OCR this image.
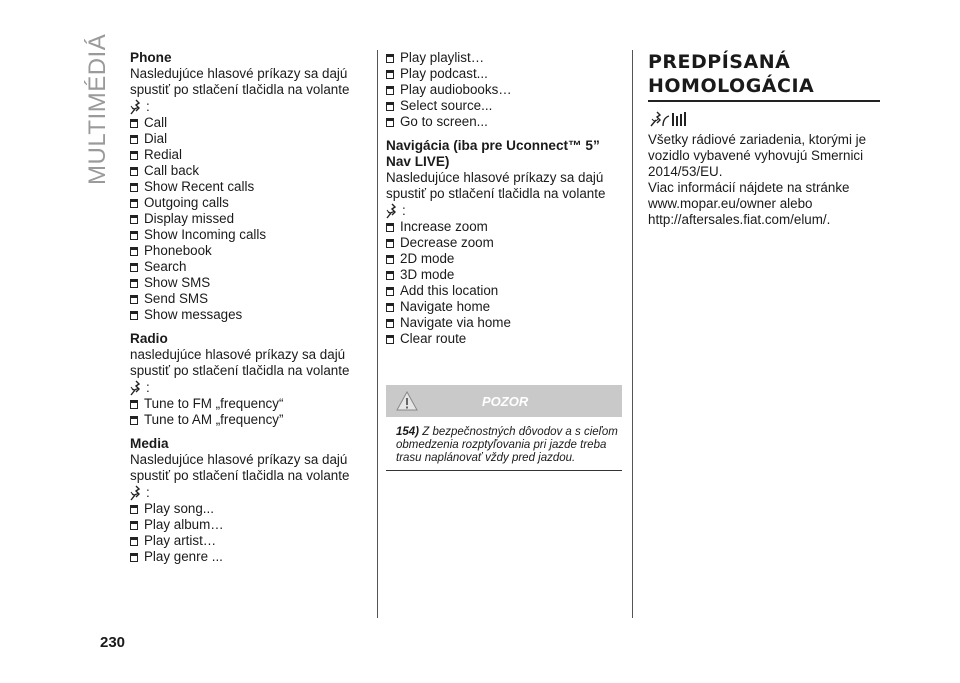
MULTIMÉDIÁ Phone

Nasledujúce hlasové príkazy sa dajú spustiť po stlačení tlačidla na volante

:
Call
Dial
Redial
Call back
Show Recent calls
Outgoing calls
Display missed
Show Incoming calls
Phonebook
Search
Show SMS
Send SMS
Show messages
Radio

nasledujúce hlasové príkazy sa dajú spustiť po stlačení tlačidla na volante

:
Tune to FM „frequency“
Tune to AM „frequency”
Media

Nasledujúce hlasové príkazy sa dajú spustiť po stlačení tlačidla na volante

:
Play song...
Play album…
Play artist…
Play genre ...
Play playlist…
Play podcast...
Play audiobooks…
Select source...
Go to screen...
Navigácia (iba pre Uconnect™ 5” Nav LIVE)

Nasledujúce hlasové príkazy sa dajú spustiť po stlačení tlačidla na volante

:
Increase zoom
Decrease zoom
2D mode
3D mode
Add this location
Navigate home
Navigate via home
Clear route
POZOR
154) Z bezpečnostných dôvodov a s cieľom obmedzenia rozptyľovania pri jazde treba trasu naplánovať vždy pred jazdou.
PREDPÍSANÁ
HOMOLOGÁCIA

Všetky rádiové zariadenia, ktorými je vozidlo vybavené vyhovujú Smernici 2014/53/EU.

Viac informácií nájdete na stránke www.mopar.eu/owner alebo http://aftersales.fiat.com/elum/.

230
